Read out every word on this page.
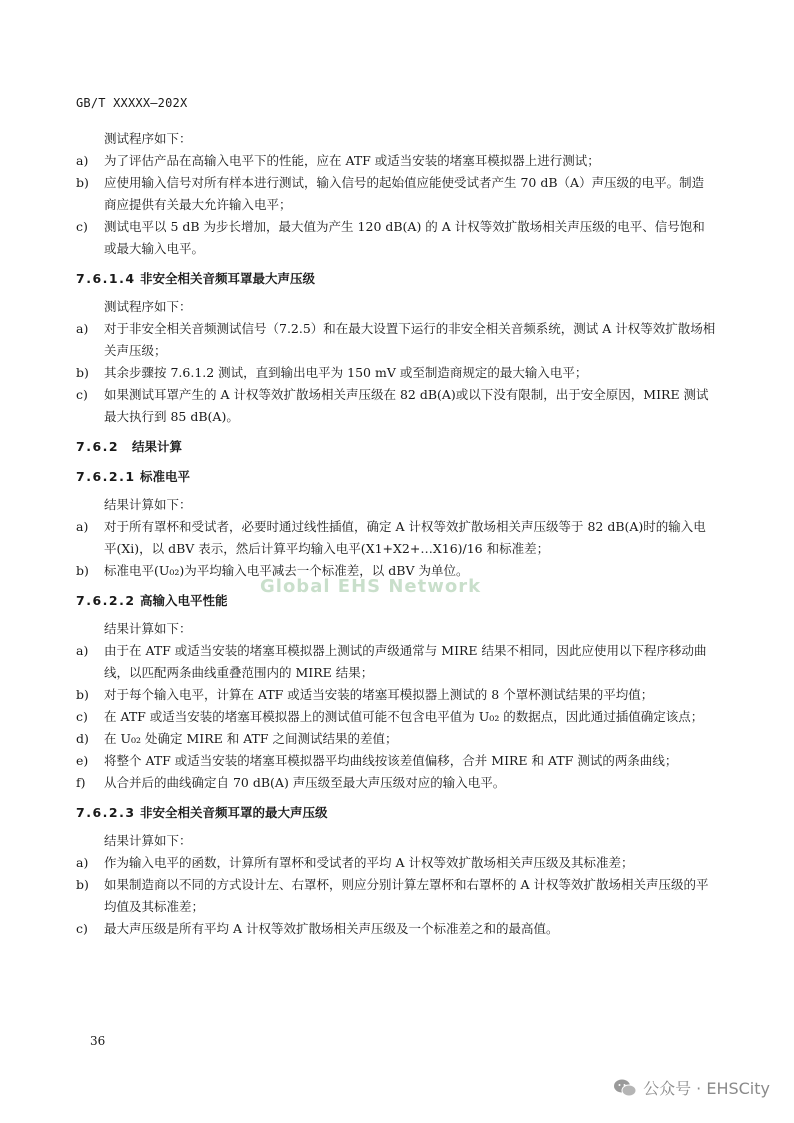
GB/T XXXXX—202X
测试程序如下：
a)	为了评估产品在高输入电平下的性能，应在 ATF 或适当安装的堵塞耳模拟器上进行测试；
b)	应使用输入信号对所有样本进行测试，输入信号的起始值应能使受试者产生 70 dB（A）声压级的电平。制造商应提供有关最大允许输入电平；
c)	测试电平以 5 dB 为步长增加，最大值为产生 120 dB(A) 的 A 计权等效扩散场相关声压级的电平、信号饱和或最大输入电平。
7.6.1.4 非安全相关音频耳罩最大声压级
测试程序如下：
a)	对于非安全相关音频测试信号（7.2.5）和在最大设置下运行的非安全相关音频系统，测试 A 计权等效扩散场相关声压级；
b)	其余步骤按 7.6.1.2 测试，直到输出电平为 150 mV 或至制造商规定的最大输入电平；
c)	如果测试耳罩产生的 A 计权等效扩散场相关声压级在 82 dB(A)或以下没有限制，出于安全原因，MIRE 测试最大执行到 85 dB(A)。
7.6.2	结果计算
7.6.2.1 标准电平
结果计算如下：
a)	对于所有罩杯和受试者，必要时通过线性插值，确定 A 计权等效扩散场相关声压级等于 82 dB(A)时的输入电平(Xi)，以 dBV 表示，然后计算平均输入电平(X1+X2+…X16)/16 和标准差；
b)	标准电平(U₀₂)为平均输入电平减去一个标准差，以 dBV 为单位。
7.6.2.2 高输入电平性能
结果计算如下：
a)	由于在 ATF 或适当安装的堵塞耳模拟器上测试的声级通常与 MIRE 结果不相同，因此应使用以下程序移动曲线，以匹配两条曲线重叠范围内的 MIRE 结果；
b)	对于每个输入电平，计算在 ATF 或适当安装的堵塞耳模拟器上测试的 8 个罩杯测试结果的平均值；
c)	在 ATF 或适当安装的堵塞耳模拟器上的测试值可能不包含电平值为 U₀₂ 的数据点，因此通过插值确定该点；
d)	在 U₀₂ 处确定 MIRE 和 ATF 之间测试结果的差值；
e)	将整个 ATF 或适当安装的堵塞耳模拟器平均曲线按该差值偏移，合并 MIRE 和 ATF 测试的两条曲线；
f)	从合并后的曲线确定自 70 dB(A) 声压级至最大声压级对应的输入电平。
7.6.2.3 非安全相关音频耳罩的最大声压级
结果计算如下：
a)	作为输入电平的函数，计算所有罩杯和受试者的平均 A 计权等效扩散场相关声压级及其标准差；
b)	如果制造商以不同的方式设计左、右罩杯，则应分别计算左罩杯和右罩杯的 A 计权等效扩散场相关声压级的平均值及其标准差；
c)	最大声压级是所有平均 A 计权等效扩散场相关声压级及一个标准差之和的最高值。
Global EHS Network
36
公众号 · EHSCity
